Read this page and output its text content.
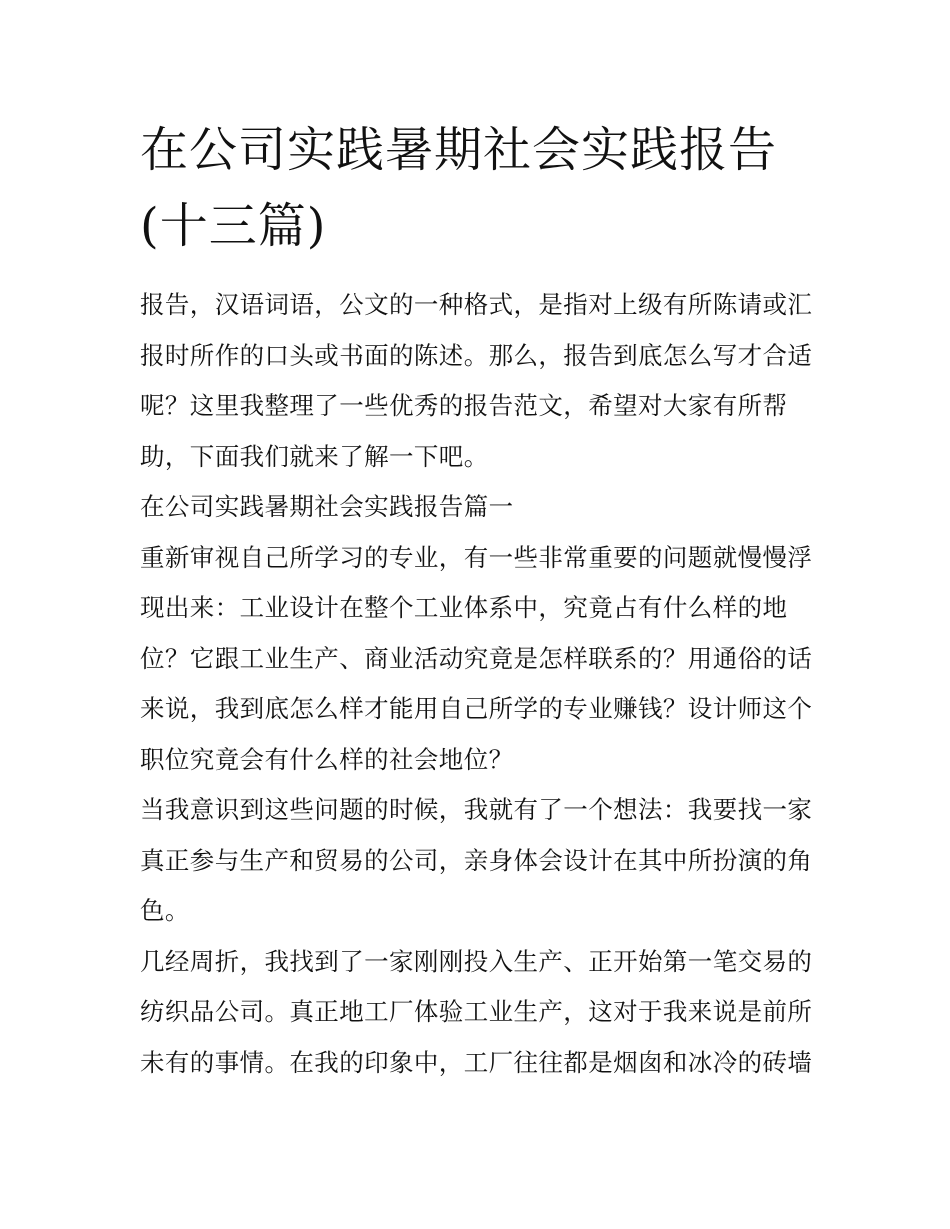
在公司实践暑期社会实践报告
(十三篇)
报告，汉语词语，公文的一种格式，是指对上级有所陈请或汇
报时所作的口头或书面的陈述。那么，报告到底怎么写才合适
呢？这里我整理了一些优秀的报告范文，希望对大家有所帮
助，下面我们就来了解一下吧。
在公司实践暑期社会实践报告篇一
重新审视自己所学习的专业，有一些非常重要的问题就慢慢浮
现出来：工业设计在整个工业体系中，究竟占有什么样的地
位？它跟工业生产、商业活动究竟是怎样联系的？用通俗的话
来说，我到底怎么样才能用自己所学的专业赚钱？设计师这个
职位究竟会有什么样的社会地位？
当我意识到这些问题的时候，我就有了一个想法：我要找一家
真正参与生产和贸易的公司，亲身体会设计在其中所扮演的角
色。
几经周折，我找到了一家刚刚投入生产、正开始第一笔交易的
纺织品公司。真正地工厂体验工业生产，这对于我来说是前所
未有的事情。在我的印象中，工厂往往都是烟囱和冰冷的砖墙
